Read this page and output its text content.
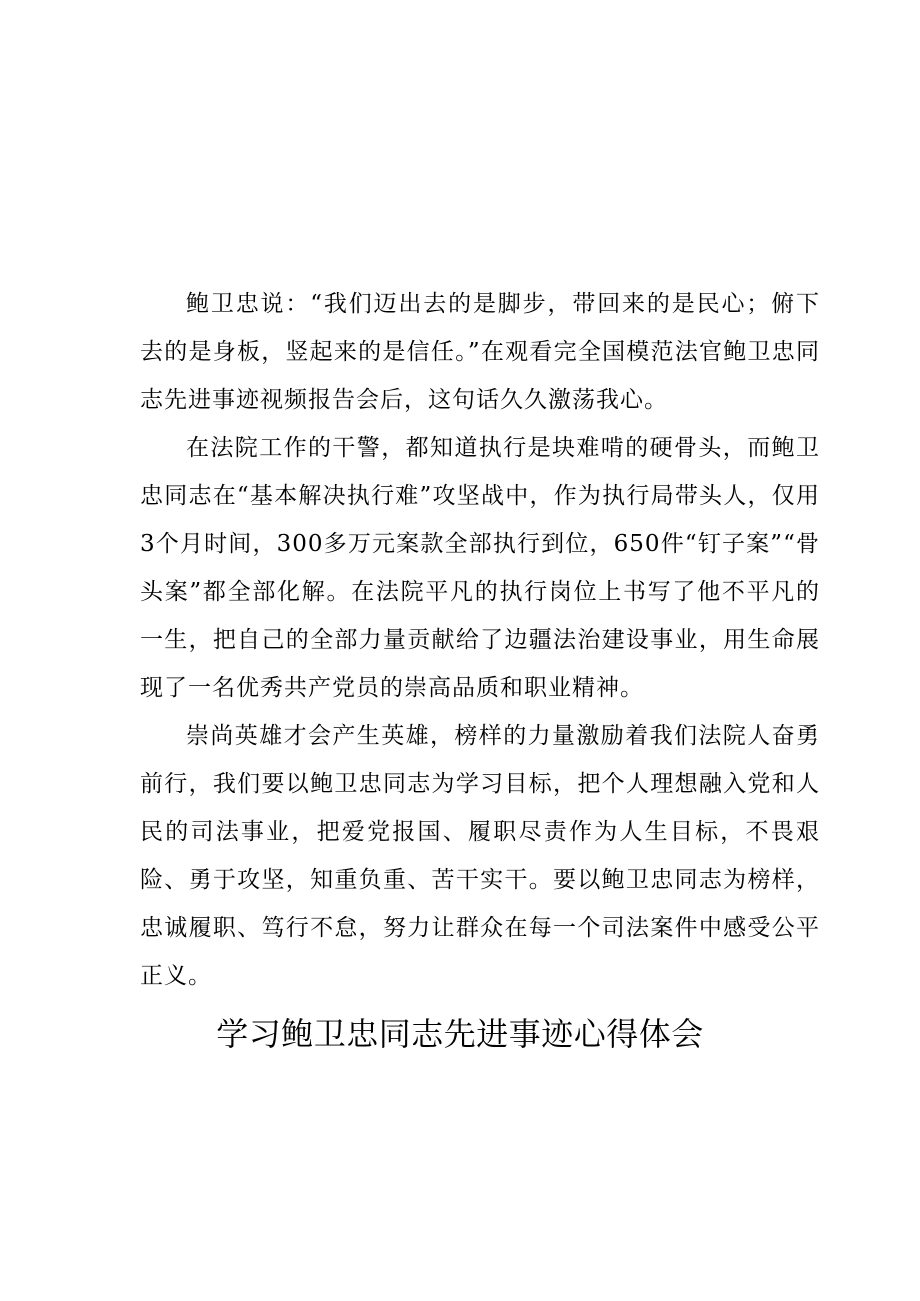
鲍卫忠说：“我们迈出去的是脚步，带回来的是民心；俯下去的是身板，竖起来的是信任。”在观看完全国模范法官鲍卫忠同志先进事迹视频报告会后，这句话久久激荡我心。

在法院工作的干警，都知道执行是块难啃的硬骨头，而鲍卫忠同志在“基本解决执行难”攻坚战中，作为执行局带头人，仅用3个月时间，300多万元案款全部执行到位，650件“钉子案”“骨头案”都全部化解。在法院平凡的执行岗位上书写了他不平凡的一生，把自己的全部力量贡献给了边疆法治建设事业，用生命展现了一名优秀共产党员的崇高品质和职业精神。

崇尚英雄才会产生英雄，榜样的力量激励着我们法院人奋勇前行，我们要以鲍卫忠同志为学习目标，把个人理想融入党和人民的司法事业，把爱党报国、履职尽责作为人生目标，不畏艰险、勇于攻坚，知重负重、苦干实干。要以鲍卫忠同志为榜样，忠诚履职、笃行不怠，努力让群众在每一个司法案件中感受公平正义。

学习鲍卫忠同志先进事迹心得体会
